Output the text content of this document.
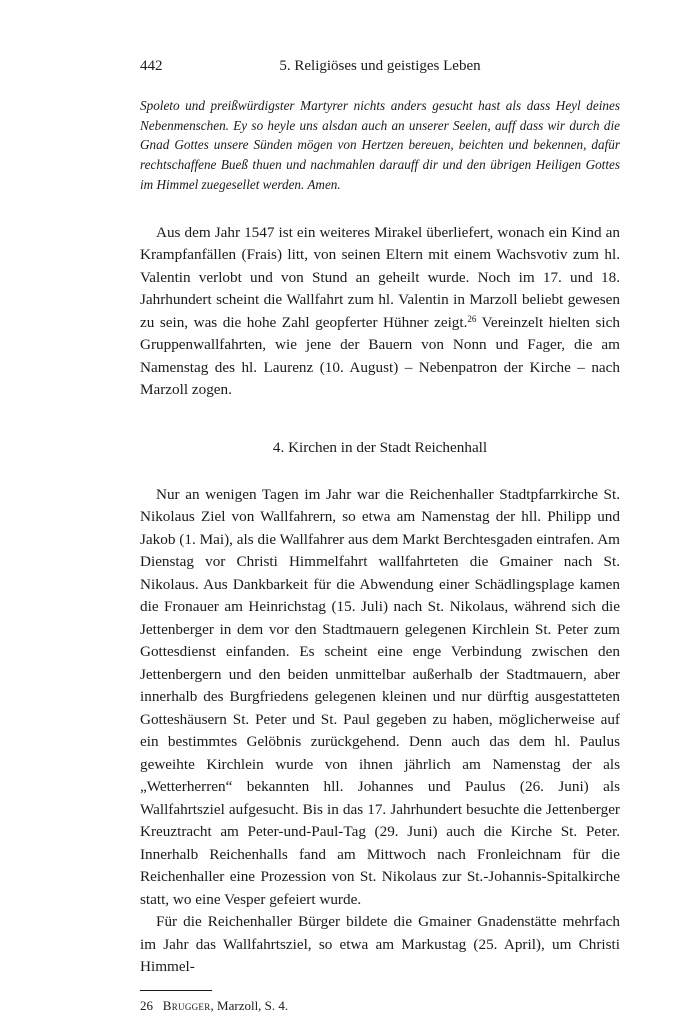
442	5. Religiöses und geistiges Leben
Spoleto und preißwürdigster Martyrer nichts anders gesucht hast als dass Heyl deines Nebenmenschen. Ey so heyle uns alsdan auch an unserer Seelen, auff dass wir durch die Gnad Gottes unsere Sünden mögen von Hertzen bereuen, beichten und bekennen, dafür rechtschaffene Bueß thuen und nachmahlen darauff dir und den übrigen Heiligen Gottes im Himmel zuegesellet werden. Amen.

Aus dem Jahr 1547 ist ein weiteres Mirakel überliefert, wonach ein Kind an Krampfanfällen (Frais) litt, von seinen Eltern mit einem Wachsvotiv zum hl. Valentin verlobt und von Stund an geheilt wurde. Noch im 17. und 18. Jahrhundert scheint die Wallfahrt zum hl. Valentin in Marzoll beliebt gewesen zu sein, was die hohe Zahl geopferter Hühner zeigt.$^{26}$ Vereinzelt hielten sich Gruppenwallfahrten, wie jene der Bauern von Nonn und Fager, die am Namenstag des hl. Laurenz (10. August) – Nebenpatron der Kirche – nach Marzoll zogen.

4. Kirchen in der Stadt Reichenhall

Nur an wenigen Tagen im Jahr war die Reichenhaller Stadtpfarrkirche St. Nikolaus Ziel von Wallfahrern, so etwa am Namenstag der hll. Philipp und Jakob (1. Mai), als die Wallfahrer aus dem Markt Berchtesgaden eintrafen. Am Dienstag vor Christi Himmelfahrt wallfahrteten die Gmainer nach St. Nikolaus. Aus Dankbarkeit für die Abwendung einer Schädlingsplage kamen die Fronauer am Heinrichstag (15. Juli) nach St. Nikolaus, während sich die Jettenberger in dem vor den Stadtmauern gelegenen Kirchlein St. Peter zum Gottesdienst einfanden. Es scheint eine enge Verbindung zwischen den Jettenbergern und den beiden unmittelbar außerhalb der Stadtmauern, aber innerhalb des Burgfriedens gelegenen kleinen und nur dürftig ausgestatteten Gotteshäusern St. Peter und St. Paul gegeben zu haben, möglicherweise auf ein bestimmtes Gelöbnis zurückgehend. Denn auch das dem hl. Paulus geweihte Kirchlein wurde von ihnen jährlich am Namenstag der als „Wetterherren“ bekannten hll. Johannes und Paulus (26. Juni) als Wallfahrtsziel aufgesucht. Bis in das 17. Jahrhundert besuchte die Jettenberger Kreuztracht am Peter-und-Paul-Tag (29. Juni) auch die Kirche St. Peter. Innerhalb Reichenhalls fand am Mittwoch nach Fronleichnam für die Reichenhaller eine Prozession von St. Nikolaus zur St.-Johannis-Spitalkirche statt, wo eine Vesper gefeiert wurde.

Für die Reichenhaller Bürger bildete die Gmainer Gnadenstätte mehrfach im Jahr das Wallfahrtsziel, so etwa am Markustag (25. April), um Christi Himmel-

26 Brugger, Marzoll, S. 4.
